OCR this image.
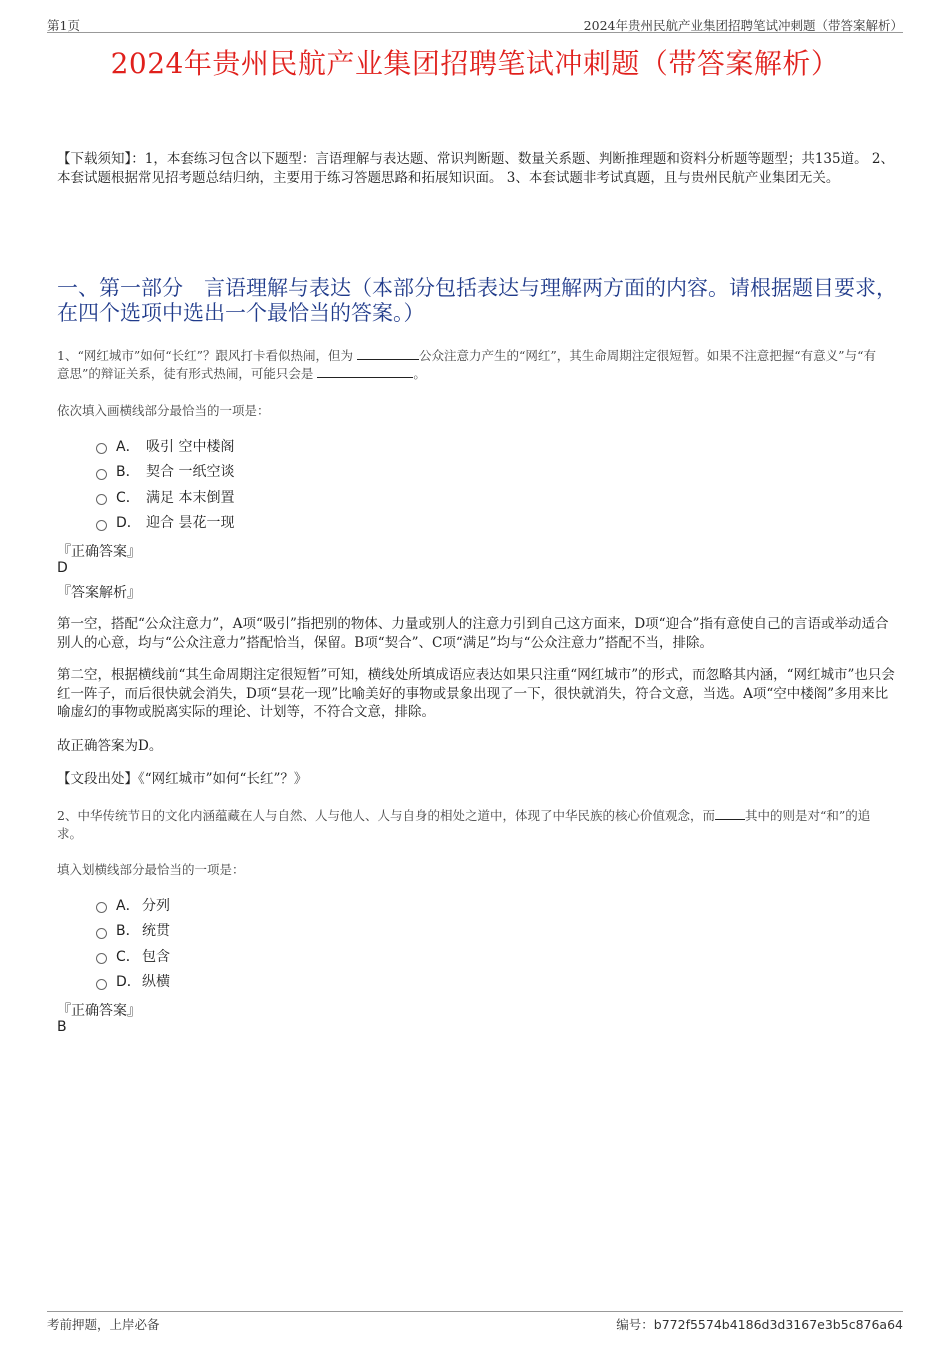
第1页	2024年贵州民航产业集团招聘笔试冲刺题（带答案解析）
2024年贵州民航产业集团招聘笔试冲刺题（带答案解析）
【下载须知】：1，本套练习包含以下题型：言语理解与表达题、常识判断题、数量关系题、判断推理题和资料分析题等题型；共135道。 2、本套试题根据常见招考题总结归纳，主要用于练习答题思路和拓展知识面。 3、本套试题非考试真题，且与贵州民航产业集团无关。
一、第一部分　言语理解与表达（本部分包括表达与理解两方面的内容。请根据题目要求，在四个选项中选出一个最恰当的答案。）
1、“网红城市”如何“长红”？跟风打卡看似热闹，但为	公众注意力产生的“网红”，其生命周期注定很短暂。如果不注意把握“有意义”与“有意思”的辩证关系，徒有形式热闹，可能只会是	。
依次填入画横线部分最恰当的一项是：
A． 吸引 空中楼阁
B． 契合 一纸空谈
C． 满足 本末倒置
D． 迎合 昙花一现
『正确答案』
D
『答案解析』
第一空，搭配“公众注意力”，A项“吸引”指把别的物体、力量或别人的注意力引到自己这方面来，D项“迎合”指有意使自己的言语或举动适合别人的心意，均与“公众注意力”搭配恰当，保留。B项“契合”、C项“满足”均与“公众注意力”搭配不当，排除。
第二空，根据横线前“其生命周期注定很短暂”可知，横线处所填成语应表达如果只注重“网红城市”的形式，而忽略其内涵，“网红城市”也只会红一阵子，而后很快就会消失，D项“昙花一现”比喻美好的事物或景象出现了一下，很快就消失，符合文意，当选。A项“空中楼阁”多用来比喻虚幻的事物或脱离实际的理论、计划等，不符合文意，排除。
故正确答案为D。
【文段出处】《“网红城市”如何“长红”？》
2、中华传统节日的文化内涵蕴藏在人与自然、人与他人、人与自身的相处之道中，体现了中华民族的核心价值观念，而 其中的则是对“和”的追求。
填入划横线部分最恰当的一项是：
A． 分列
B． 统贯
C． 包含
D． 纵横
『正确答案』
B
考前押题，上岸必备	编号：b772f5574b4186d3d3167e3b5c876a64
